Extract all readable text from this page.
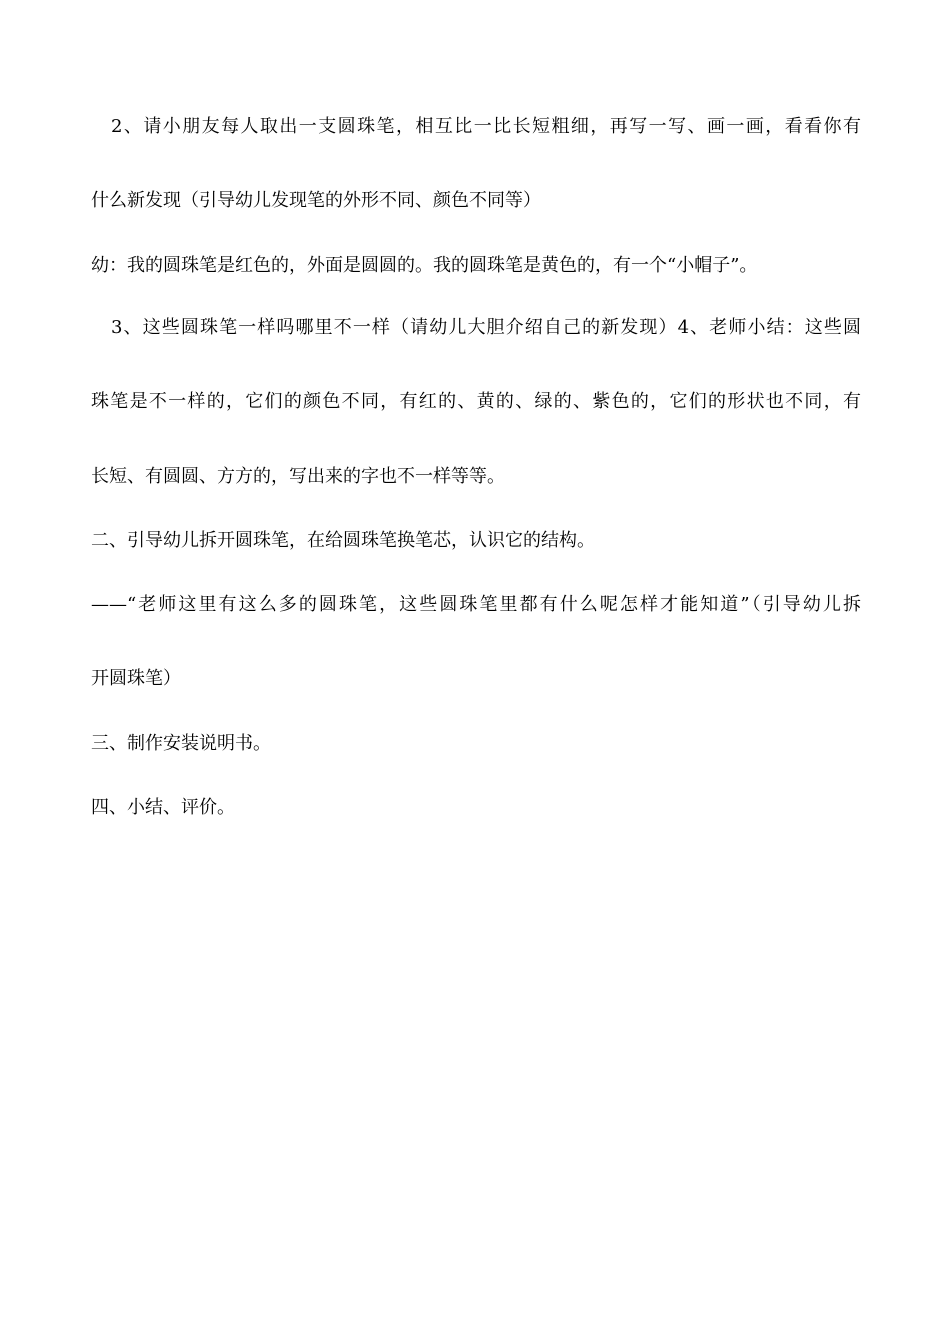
2、请小朋友每人取出一支圆珠笔，相互比一比长短粗细，再写一写、画一画，看看你有
什么新发现（引导幼儿发现笔的外形不同、颜色不同等）
幼：我的圆珠笔是红色的，外面是圆圆的。我的圆珠笔是黄色的，有一个“小帽子”。
3、这些圆珠笔一样吗哪里不一样（请幼儿大胆介绍自己的新发现）4、老师小结：这些圆
珠笔是不一样的，它们的颜色不同，有红的、黄的、绿的、紫色的，它们的形状也不同，有
长短、有圆圆、方方的，写出来的字也不一样等等。
二、引导幼儿拆开圆珠笔，在给圆珠笔换笔芯，认识它的结构。
——“老师这里有这么多的圆珠笔，这些圆珠笔里都有什么呢怎样才能知道”（引导幼儿拆
开圆珠笔）
三、制作安装说明书。
四、小结、评价。
